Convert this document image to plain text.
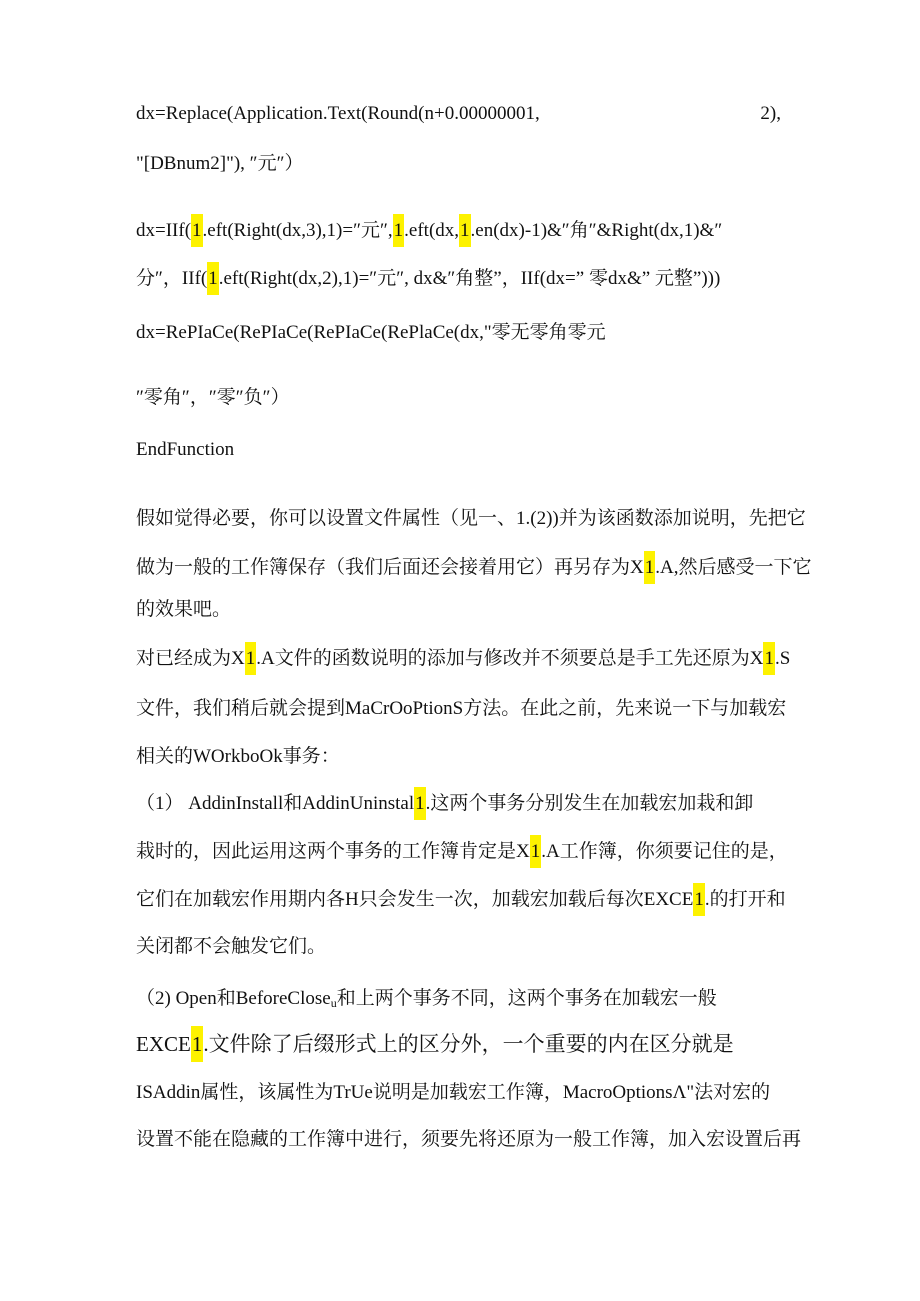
dx=Replace(Application.Text(Round(n+0.00000001,	2),
"[DBnum2]"), ″元″）
dx=IIf(1.eft(Right(dx,3),1)=″元″,1.eft(dx,1.en(dx)-1)&″角″&Right(dx,1)&″
分″，IIf(1.eft(Right(dx,2),1)=″元″, dx&″角整”，IIf(dx=” 零dx&” 元整”)))
dx=RePIaCe(RePIaCe(RePIaCe(RePlaCe(dx,"零无零角零元
″零角″，″零″负″）
EndFunction
假如觉得必要，你可以设置文件属性（见一、1.(2))并为该函数添加说明，先把它
做为一般的工作簿保存（我们后面还会接着用它）再另存为X1.A,然后感受一下它
的效果吧。
对已经成为X1.A文件的函数说明的添加与修改并不须要总是手工先还原为X1.S
文件，我们稍后就会提到MaCrOoPtionS方法。在此之前，先来说一下与加载宏
相关的WOrkboOk事务：
（1） AddinInstall和AddinUninstal1.这两个事务分别发生在加载宏加栽和卸
栽时的，因此运用这两个事务的工作簿肯定是X1.A工作簿，你须要记住的是，
它们在加载宏作用期内各H只会发生一次，加载宏加载后每次EXCE1.的打开和
关闭都不会触发它们。
（2) Open和BeforeCloseu和上两个事务不同，这两个事务在加载宏一般
EXCE1.文件除了后缀形式上的区分外，一个重要的内在区分就是
ISAddin属性，该属性为TrUe说明是加载宏工作簿，MacroOptionsΛ"法对宏的
设置不能在隐藏的工作簿中进行，须要先将还原为一般工作簿，加入宏设置后再
